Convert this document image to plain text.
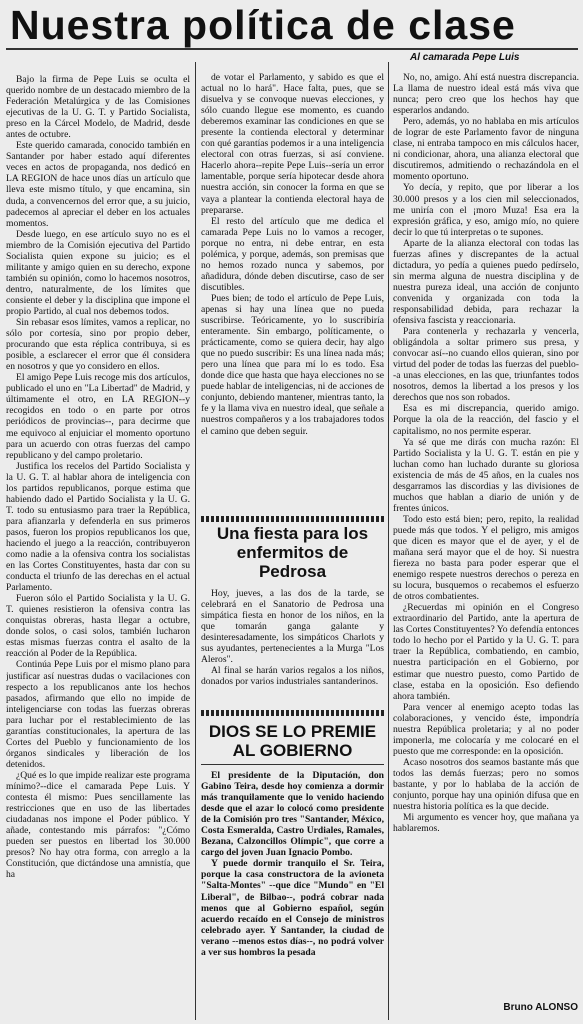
Nuestra política de clase
Al camarada Pepe Luis

Bajo la firma de Pepe Luis se oculta el querido nombre de un destacado miembro de la Federación Metalúrgica y de las Comisiones ejecutivas de la U. G. T. y Partido Socialista, preso en la Cárcel Modelo, de Madrid, desde antes de octubre.

Este querido camarada, conocido también en Santander por haber estado aquí diferentes veces en actos de propaganda, nos dedicó en LA REGION de hace unos días un artículo que lleva este mismo título, y que encamina, sin duda, a convencernos del error que, a su juicio, padecemos al apreciar el deber en los actuales momentos.

Desde luego, en ese artículo suyo no es el miembro de la Comisión ejecutiva del Partido Socialista quien expone su juicio; es el militante y amigo quien en su derecho, expone también su opinión, como lo hacemos nosotros, dentro, naturalmente, de los límites que consiente el deber y la disciplina que impone el propio Partido, al cual nos debemos todos.

Sin rebasar esos límites, vamos a replicar, no sólo por cortesía, sino por propio deber, procurando que esta réplica contribuya, si es posible, a esclarecer el error que él considera en nosotros y que yo considero en ellos.

El amigo Pepe Luis recoge mis dos artículos, publicado el uno en "La Libertad" de Madrid, y últimamente el otro, en LA REGION--y recogidos en todo o en parte por otros periódicos de provincias--, para decirme que me equivoco al enjuiciar el momento oportuno para un acuerdo con otras fuerzas del campo republicano y del campo proletario.

Justifica los recelos del Partido Socialista y la U. G. T. al hablar ahora de inteligencia con los partidos republicanos, porque estima que habiendo dado el Partido Socialista y la U. G. T. todo su entusiasmo para traer la República, para afianzarla y defenderla en sus primeros pasos, fueron los propios republicanos los que, haciendo el juego a la reacción, contribuyeron como nadie a la ofensiva contra los socialistas en las Cortes Constituyentes, hasta dar con su conducta el triunfo de las derechas en el actual Parlamento.

Fueron sólo el Partido Socialista y la U. G. T. quienes resistieron la ofensiva contra las conquistas obreras, hasta llegar a octubre, donde solos, o casi solos, también lucharon estas mismas fuerzas contra el asalto de la reacción al Poder de la República.

Continúa Pepe Luis por el mismo plano para justificar así nuestras dudas o vacilaciones con respecto a los republicanos ante los hechos pasados, afirmando que ello no impide de inteligenciarse con todas las fuerzas obreras para luchar por el restablecimiento de las garantías constitucionales, la apertura de las Cortes del Pueblo y funcionamiento de los órganos sindicales y liberación de los detenidos.

¿Qué es lo que impide realizar este programa mínimo?--dice el camarada Pepe Luis. Y contesta él mismo: Pues sencillamente las restricciones que en uso de las libertades ciudadanas nos impone el Poder público. Y añade, contestando mis párrafos: "¿Cómo pueden ser puestos en libertad los 30.000 presos? No hay otra forma, con arreglo a la Constitución, que dictándose una amnistía, que ha

de votar el Parlamento, y sabido es que el actual no lo hará". Hace falta, pues, que se disuelva y se convoque nuevas elecciones, y sólo cuando llegue ese momento, es cuando deberemos examinar las condiciones en que se presente la contienda electoral y determinar con qué garantías podemos ir a una inteligencia electoral con otras fuerzas, si así conviene. Hacerlo ahora--repite Pepe Luis--sería un error lamentable, porque sería hipotecar desde ahora nuestra acción, sin conocer la forma en que se vaya a plantear la contienda electoral haya de prepararse.

El resto del artículo que me dedica el camarada Pepe Luis no lo vamos a recoger, porque no entra, ni debe entrar, en esta polémica, y porque, además, son premisas que no hemos rozado nunca y sabemos, por añadidura, dónde deben discutirse, caso de ser discutibles.

Pues bien; de todo el artículo de Pepe Luis, apenas si hay una línea que no pueda suscribirse. Teóricamente, yo lo suscribiría enteramente. Sin embargo, políticamente, o prácticamente, como se quiera decir, hay algo que no puedo suscribir: Es una línea nada más; pero una línea que para mí lo es todo. Esa donde dice que hasta que haya elecciones no se puede hablar de inteligencias, ni de acciones de conjunto, debiendo mantener, mientras tanto, la fe y la llama viva en nuestro ideal, que señale a nuestros compañeros y a los trabajadores todos el camino que deben seguir.

Una fiesta para los enfermitos de Pedrosa

Hoy, jueves, a las dos de la tarde, se celebrará en el Sanatorio de Pedrosa una simpática fiesta en honor de los niños, en la que tomarán ganga galante y desinteresadamente, los simpáticos Charlots y sus ayudantes, pertenecientes a la Murga "Los Aleros".

Al final se harán varios regalos a los niños, donados por varios industriales santanderinos.

DIOS SE LO PREMIE AL GOBIERNO

El presidente de la Diputación, don Gabino Teira, desde hoy comienza a dormir más tranquilamente que lo venido haciendo desde que el azar lo colocó como presidente de la Comisión pro tres "Santander, México, Costa Esmeralda, Castro Urdiales, Ramales, Bezana, Calzoncillos Olímpic", que corre a cargo del joven Juan Ignacio Pombo.

Y puede dormir tranquilo el Sr. Teira, porque la casa constructora de la avioneta "Salta-Montes" --que dice "Mundo" en "El Liberal", de Bilbao--, podrá cobrar nada menos que al Gobierno español, según acuerdo recaído en el Consejo de ministros celebrado ayer. Y Santander, la ciudad de verano --menos estos días--, no podrá volver a ver sus hombros la pesada

No, no, amigo. Ahí está nuestra discrepancia. La llama de nuestro ideal está más viva que nunca; pero creo que los hechos hay que esperarlos andando.

Pero, además, yo no hablaba en mis artículos de lograr de este Parlamento favor de ninguna clase, ni entraba tampoco en mis cálculos hacer, ni condicionar, ahora, una alianza electoral que discutiremos, admitiendo o rechazándola en el momento oportuno.

Yo decía, y repito, que por liberar a los 30.000 presos y a los cien mil seleccionados, me uniría con el ¡moro Muza! Esa era la expresión gráfica, y eso, amigo mío, no quiere decir lo que tú interpretas o te supones.

Aparte de la alianza electoral con todas las fuerzas afines y discrepantes de la actual dictadura, yo pedía a quienes puedo pedírselo, sin merma alguna de nuestra disciplina y de nuestra pureza ideal, una acción de conjunto convenida y organizada con toda la responsabilidad debida, para rechazar la ofensiva fascista y reaccionaria.

Para contenerla y rechazarla y vencerla, obligándola a soltar primero sus presa, y convocar así--no cuando ellos quieran, sino por virtud del poder de todas las fuerzas del pueblo--a unas elecciones, en las que, triunfantes todos nosotros, demos la libertad a los presos y los derechos que nos son robados.

Esa es mi discrepancia, querido amigo. Porque la ola de la reacción, del fascio y el capitalismo, no nos permite esperar.

Ya sé que me dirás con mucha razón: El Partido Socialista y la U. G. T. están en pie y luchan como han luchado durante su gloriosa existencia de más de 45 años, en la cuales nos desgarramos las discordias y las divisiones de muchos que hablan a diario de unión y de frentes únicos.

Todo esto está bien; pero, repito, la realidad puede más que todos. Y el peligro, mis amigos que dicen es mayor que el de ayer, y el de mañana será mayor que el de hoy. Si nuestra fiereza no basta para poder esperar que el enemigo respete nuestros derechos o pereza en su locura, busquemos o recabemos el esfuerzo de otros combatientes.

¿Recuerdas mi opinión en el Congreso extraordinario del Partido, ante la apertura de las Cortes Constituyentes? Yo defendía entonces todo lo hecho por el Partido y la U. G. T. para traer la República, combatiendo, en cambio, nuestra participación en el Gobierno, por estimar que nuestro puesto, como Partido de clase, estaba en la oposición. Eso defiendo ahora también.

Para vencer al enemigo acepto todas las colaboraciones, y vencido éste, impondría nuestra República proletaria; y al no poder imponerla, me colocaría y me colocaré en el puesto que me corresponde: en la oposición.

Acaso nosotros dos seamos bastante más que todos las demás fuerzas; pero no somos bastante, y por lo hablaba de la acción de conjunto, porque hay una opinión difusa que en nuestra historia política es la que decide.

Mi argumento es vencer hoy, que mañana ya hablaremos.

Bruno ALONSO
